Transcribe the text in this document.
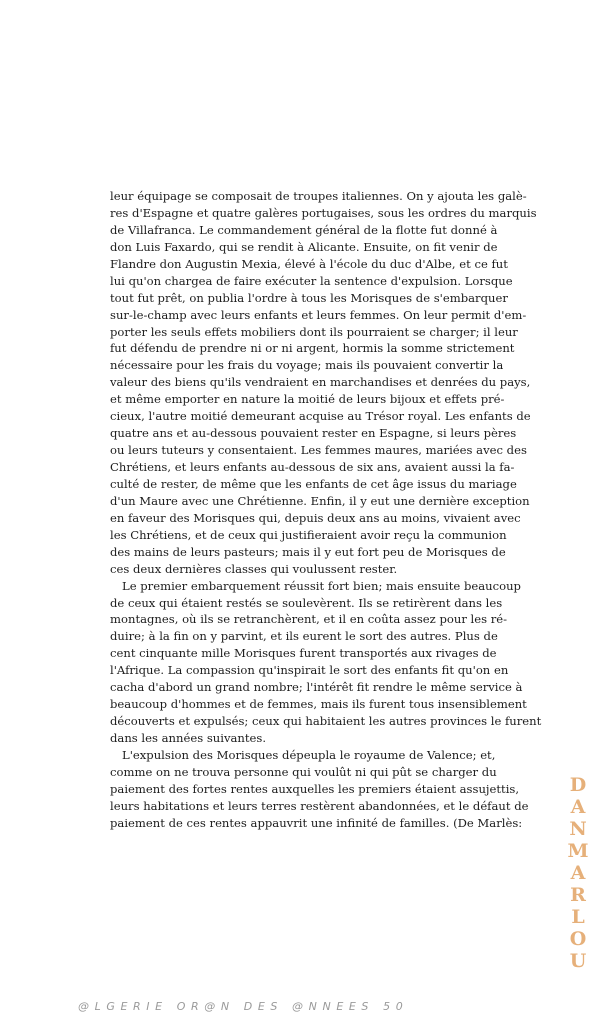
leur équipage se composait de troupes italiennes. On y ajouta les galè-
res d'Espagne et quatre galères portugaises, sous les ordres du marquis
de Villafranca. Le commandement général de la flotte fut donné à
don Luis Faxardo, qui se rendit à Alicante. Ensuite, on fit venir de
Flandre don Augustin Mexia, élevé à l'école du duc d'Albe, et ce fut
lui qu'on chargea de faire exécuter la sentence d'expulsion. Lorsque
tout fut prêt, on publia l'ordre à tous les Morisques de s'embarquer
sur-le-champ avec leurs enfants et leurs femmes. On leur permit d'em-
porter les seuls effets mobiliers dont ils pourraient se charger; il leur
fut défendu de prendre ni or ni argent, hormis la somme strictement
nécessaire pour les frais du voyage; mais ils pouvaient convertir la
valeur des biens qu'ils vendraient en marchandises et denrées du pays,
et même emporter en nature la moitié de leurs bijoux et effets pré-
cieux, l'autre moitié demeurant acquise au Trésor royal. Les enfants de
quatre ans et au-dessous pouvaient rester en Espagne, si leurs pères
ou leurs tuteurs y consentaient. Les femmes maures, mariées avec des
Chrétiens, et leurs enfants au-dessous de six ans, avaient aussi la fa-
culté de rester, de même que les enfants de cet âge issus du mariage
d'un Maure avec une Chrétienne. Enfin, il y eut une dernière exception
en faveur des Morisques qui, depuis deux ans au moins, vivaient avec
les Chrétiens, et de ceux qui justifieraient avoir reçu la communion
des mains de leurs pasteurs; mais il y eut fort peu de Morisques de
ces deux dernières classes qui voulussent rester.
Le premier embarquement réussit fort bien; mais ensuite beaucoup
de ceux qui étaient restés se soulevèrent. Ils se retirèrent dans les
montagnes, où ils se retranchèrent, et il en coûta assez pour les ré-
duire; à la fin on y parvint, et ils eurent le sort des autres. Plus de
cent cinquante mille Morisques furent transportés aux rivages de
l'Afrique. La compassion qu'inspirait le sort des enfants fit qu'on en
cacha d'abord un grand nombre; l'intérêt fit rendre le même service à
beaucoup d'hommes et de femmes, mais ils furent tous insensiblement
découverts et expulsés; ceux qui habitaient les autres provinces le furent
dans les années suivantes.
L'expulsion des Morisques dépeupla le royaume de Valence; et,
comme on ne trouva personne qui voulût ni qui pût se charger du
paiement des fortes rentes auxquelles les premiers étaient assujettis,
leurs habitations et leurs terres restèrent abandonnées, et le défaut de
paiement de ces rentes appauvrit une infinité de familles. (De Marlès:
D
A
N
M
A
R
L
O
U
@LGERIE OR@N DES @NNEES 50
